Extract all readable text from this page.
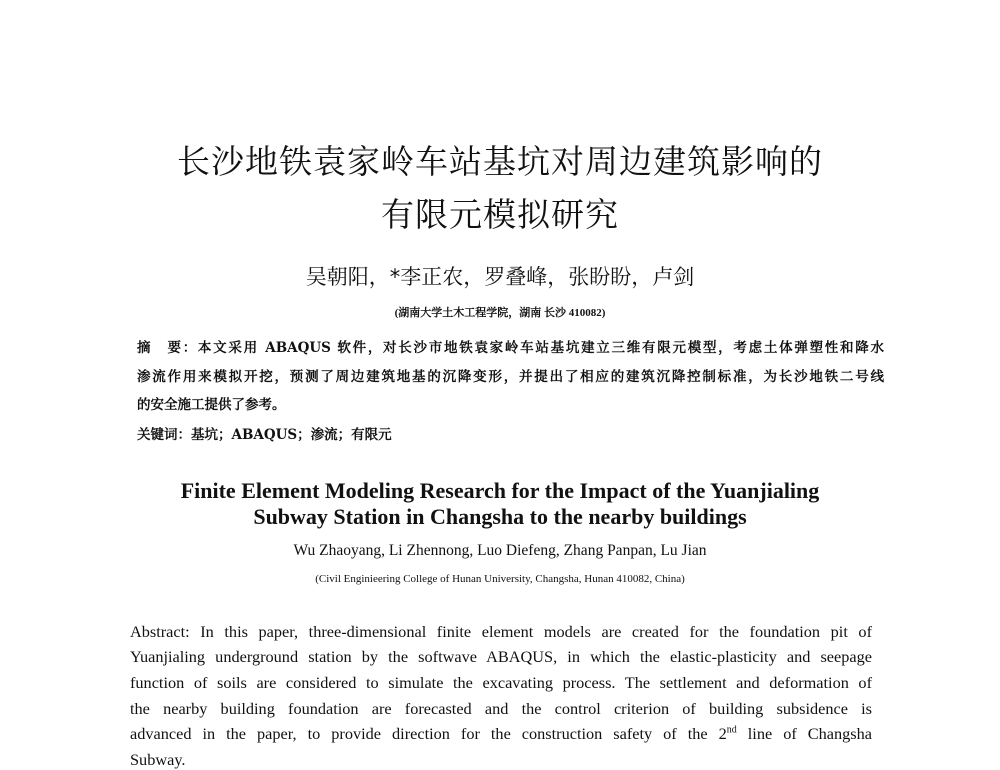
长沙地铁袁家岭车站基坑对周边建筑影响的
有限元模拟研究
吴朝阳，*李正农，罗叠峰，张盼盼，卢剑
(湖南大学土木工程学院，湖南 长沙 410082)
摘　要：本文采用 ABAQUS 软件，对长沙市地铁袁家岭车站基坑建立三维有限元模型，考虑土体弹塑性和降水
渗流作用来模拟开挖，预测了周边建筑地基的沉降变形，并提出了相应的建筑沉降控制标准，为长沙地铁二号线
的安全施工提供了参考。
关键词：基坑；ABAQUS；渗流；有限元
Finite Element Modeling Research for the Impact of the Yuanjialing
Subway Station in Changsha to the nearby buildings
Wu Zhaoyang, Li Zhennong, Luo Diefeng, Zhang Panpan, Lu Jian
(Civil Enginieering College of Hunan University, Changsha, Hunan 410082, China)
Abstract: In this paper, three-dimensional finite element models are created for the foundation pit of
Yuanjialing underground station by the softwave ABAQUS, in which the elastic-plasticity and seepage
function of soils are considered to simulate the excavating process. The settlement and deformation of
the nearby building foundation are forecasted and the control criterion of building subsidence is
advanced in the paper, to provide direction for the construction safety of the 2nd line of Changsha
Subway.
